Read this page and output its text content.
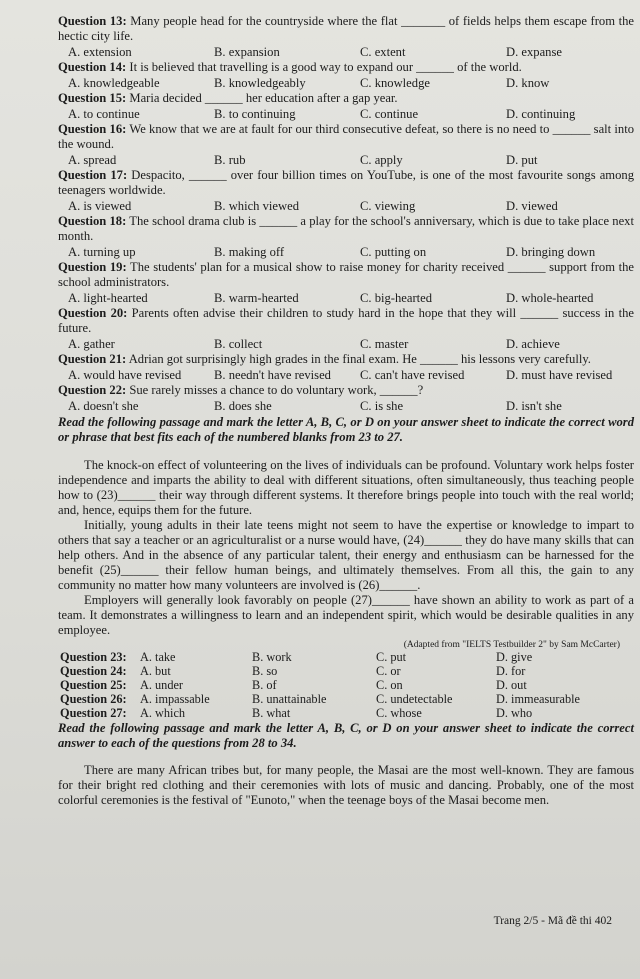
Question 13: Many people head for the countryside where the flat _______ of fields helps them escape from the hectic city life.
A. extension	B. expansion	C. extent	D. expanse
Question 14: It is believed that travelling is a good way to expand our ______ of the world.
A. knowledgeable	B. knowledgeably	C. knowledge	D. know
Question 15: Maria decided ______ her education after a gap year.
A. to continue	B. to continuing	C. continue	D. continuing
Question 16: We know that we are at fault for our third consecutive defeat, so there is no need to ______ salt into the wound.
A. spread	B. rub	C. apply	D. put
Question 17: Despacito, ______ over four billion times on YouTube, is one of the most favourite songs among teenagers worldwide.
A. is viewed	B. which viewed	C. viewing	D. viewed
Question 18: The school drama club is ______ a play for the school's anniversary, which is due to take place next month.
A. turning up	B. making off	C. putting on	D. bringing down
Question 19: The students' plan for a musical show to raise money for charity received ______ support from the school administrators.
A. light-hearted	B. warm-hearted	C. big-hearted	D. whole-hearted
Question 20: Parents often advise their children to study hard in the hope that they will ______ success in the future.
A. gather	B. collect	C. master	D. achieve
Question 21: Adrian got surprisingly high grades in the final exam. He ______ his lessons very carefully.
A. would have revised	B. needn't have revised	C. can't have revised	D. must have revised
Question 22: Sue rarely misses a chance to do voluntary work, ______?
A. doesn't she	B. does she	C. is she	D. isn't she

Read the following passage and mark the letter A, B, C, or D on your answer sheet to indicate the correct word or phrase that best fits each of the numbered blanks from 23 to 27.

The knock-on effect of volunteering on the lives of individuals can be profound. Voluntary work helps foster independence and imparts the ability to deal with different situations, often simultaneously, thus teaching people how to (23)______ their way through different systems. It therefore brings people into touch with the real world; and, hence, equips them for the future.

Initially, young adults in their late teens might not seem to have the expertise or knowledge to impart to others that say a teacher or an agriculturalist or a nurse would have, (24)______ they do have many skills that can help others. And in the absence of any particular talent, their energy and enthusiasm can be harnessed for the benefit (25)______ their fellow human beings, and ultimately themselves. From all this, the gain to any community no matter how many volunteers are involved is (26)______.

Employers will generally look favorably on people (27)______ have shown an ability to work as part of a team. It demonstrates a willingness to learn and an independent spirit, which would be desirable qualities in any employee.

(Adapted from "IELTS Testbuilder 2" by Sam McCarter)

Question 23:	A. take	B. work	C. put	D. give
Question 24:	A. but	B. so	C. or	D. for
Question 25:	A. under	B. of	C. on	D. out
Question 26:	A. impassable	B. unattainable	C. undetectable	D. immeasurable
Question 27:	A. which	B. what	C. whose	D. who

Read the following passage and mark the letter A, B, C, or D on your answer sheet to indicate the correct answer to each of the questions from 28 to 34.

There are many African tribes but, for many people, the Masai are the most well-known. They are famous for their bright red clothing and their ceremonies with lots of music and dancing. Probably, one of the most colorful ceremonies is the festival of "Eunoto," when the teenage boys of the Masai become men.

Trang 2/5 - Mã đề thi 402
